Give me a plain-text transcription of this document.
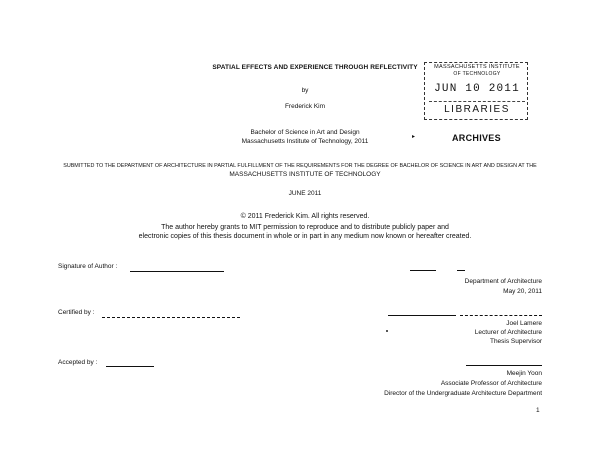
SPATIAL EFFECTS AND EXPERIENCE THROUGH REFLECTIVITY
by
Frederick Kim
Bachelor of Science in Art and Design
Massachusetts Institute of Technology, 2011
MASSACHUSETTS INSTITUTE
OF TECHNOLOGY
JUN 10 2011
LIBRARIES
▸	ARCHIVES
SUBMITTED TO THE DEPARTMENT OF ARCHITECTURE IN PARTIAL FULFILLMENT OF THE REQUIREMENTS FOR THE DEGREE OF BACHELOR OF SCIENCE IN ART AND DESIGN AT THE
MASSACHUSETTS INSTITUTE OF TECHNOLOGY
JUNE 2011
© 2011 Frederick Kim. All rights reserved.
The author hereby grants to MIT permission to reproduce and to distribute publicly paper and
electronic copies of this thesis document in whole or in part in any medium now known or hereafter created.
Signature of Author :
Department of Architecture
May 20, 2011
Certified by :
Joel Lamere
Lecturer of Architecture
Thesis Supervisor
Accepted by :
Meejin Yoon
Associate Professor of Architecture
Director of the Undergraduate Architecture Department
1
